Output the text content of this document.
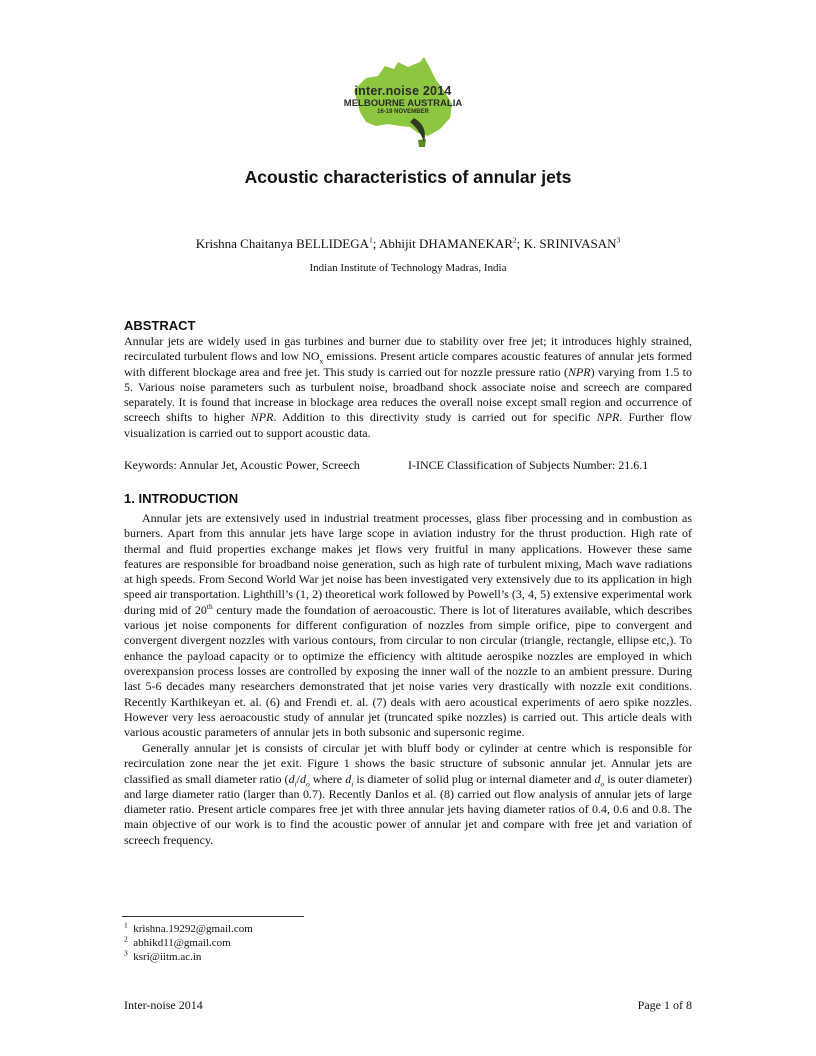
inter.noise 2014
MELBOURNE AUSTRALIA
16-19 NOVEMBER
Acoustic characteristics of annular jets
Krishna Chaitanya BELLIDEGA$^1$; Abhijit DHAMANEKAR$^2$; K. SRINIVASAN$^3$
Indian Institute of Technology Madras, India
ABSTRACT

Annular jets are widely used in gas turbines and burner due to stability over free jet; it introduces highly strained, recirculated turbulent flows and low $NO_x$ emissions. Present article compares acoustic features of annular jets formed with different blockage area and free jet. This study is carried out for nozzle pressure ratio (NPR) varying from 1.5 to 5. Various noise parameters such as turbulent noise, broadband shock associate noise and screech are compared separately. It is found that increase in blockage area reduces the overall noise except small region and occurrence of screech shifts to higher NPR. Addition to this directivity study is carried out for specific NPR. Further flow visualization is carried out to support acoustic data.

Keywords: Annular Jet, Acoustic Power, Screech	I-INCE Classification of Subjects Number: 21.6.1
1. INTRODUCTION

Annular jets are extensively used in industrial treatment processes, glass fiber processing and in combustion as burners. Apart from this annular jets have large scope in aviation industry for the thrust production. High rate of thermal and fluid properties exchange makes jet flows very fruitful in many applications. However these same features are responsible for broadband noise generation, such as high rate of turbulent mixing, Mach wave radiations at high speeds. From Second World War jet noise has been investigated very extensively due to its application in high speed air transportation. Lighthill’s (1, 2) theoretical work followed by Powell’s (3, 4, 5) extensive experimental work during mid of 20th century made the foundation of aeroacoustic. There is lot of literatures available, which describes various jet noise components for different configuration of nozzles from simple orifice, pipe to convergent and convergent divergent nozzles with various contours, from circular to non circular (triangle, rectangle, ellipse etc,). To enhance the payload capacity or to optimize the efficiency with altitude aerospike nozzles are employed in which overexpansion process losses are controlled by exposing the inner wall of the nozzle to an ambient pressure. During last 5-6 decades many researchers demonstrated that jet noise varies very drastically with nozzle exit conditions. Recently Karthikeyan et. al. (6) and Frendi et. al. (7) deals with aero acoustical experiments of aero spike nozzles. However very less aeroacoustic study of annular jet (truncated spike nozzles) is carried out. This article deals with various acoustic parameters of annular jets in both subsonic and supersonic regime.

Generally annular jet is consists of circular jet with bluff body or cylinder at centre which is responsible for recirculation zone near the jet exit. Figure 1 shows the basic structure of subsonic annular jet. Annular jets are classified as small diameter ratio ($d_i/d_o$ where $d_i$ is diameter of solid plug or internal diameter and $d_o$ is outer diameter) and large diameter ratio (larger than 0.7). Recently Danlos et al. (8) carried out flow analysis of annular jets of large diameter ratio. Present article compares free jet with three annular jets having diameter ratios of 0.4, 0.6 and 0.8. The main objective of our work is to find the acoustic power of annular jet and compare with free jet and variation of screech frequency.

$^1$ krishna.19292@gmail.com
$^2$ abhikd11@gmail.com
$^3$ ksri@iitm.ac.in
Inter-noise 2014	Page 1 of 8
